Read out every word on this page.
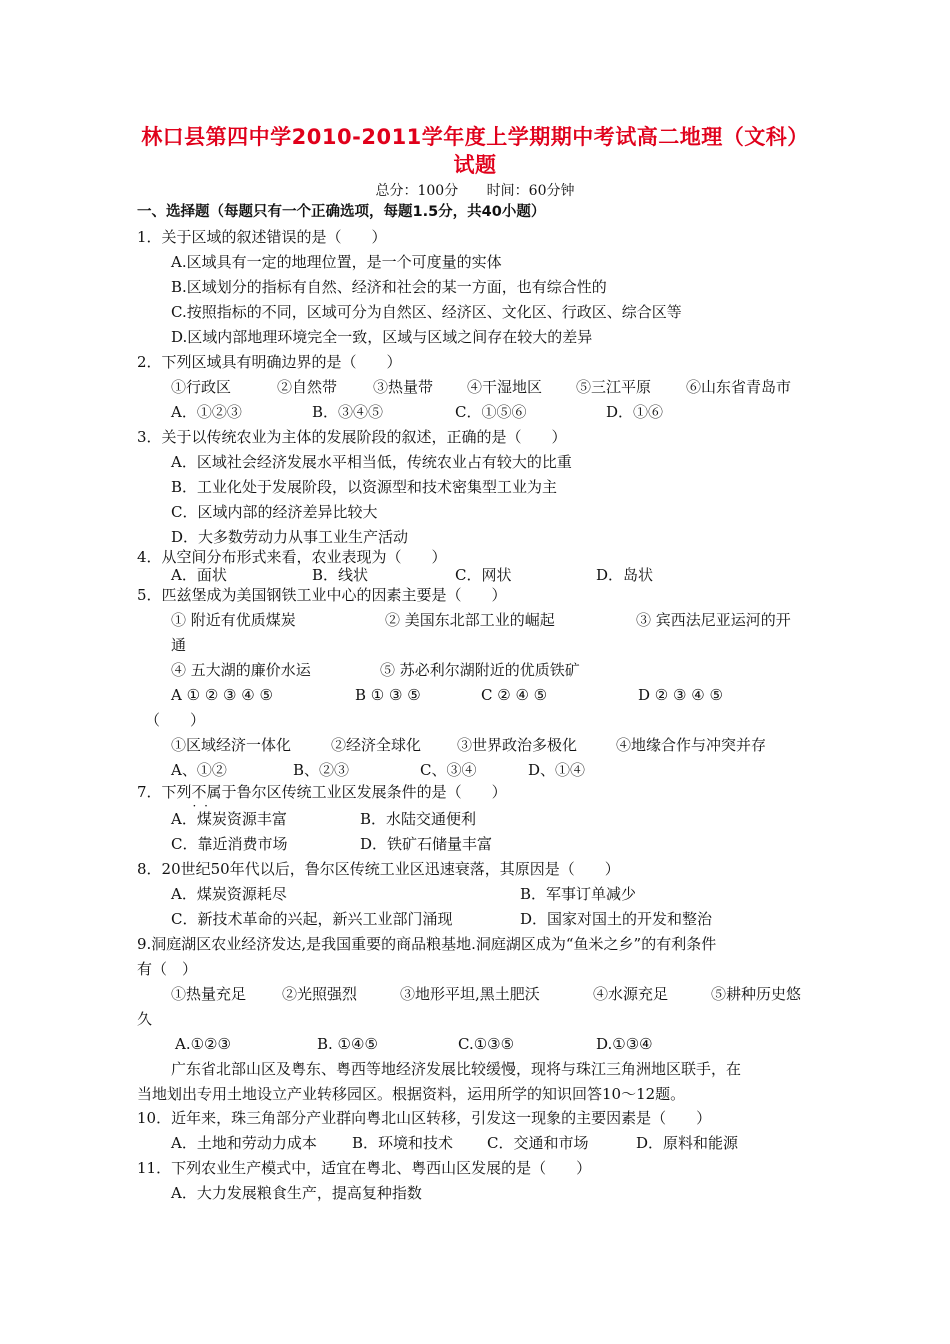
林口县第四中学2010-2011学年度上学期期中考试高二地理（文科）
试题
总分：100分 时间：60分钟
一、选择题（每题只有一个正确选项，每题1.5分，共40小题）
1．关于区域的叙述错误的是（　　）
A.区域具有一定的地理位置，是一个可度量的实体
B.区域划分的指标有自然、经济和社会的某一方面，也有综合性的
C.按照指标的不同，区域可分为自然区、经济区、文化区、行政区、综合区等
D.区域内部地理环境完全一致，区域与区域之间存在较大的差异
2．下列区域具有明确边界的是（　　）
①行政区	②自然带 ③热量带 ④干湿地区 ⑤三江平原 ⑥山东省青岛市
A．①②③	B．③④⑤	C．①⑤⑥	D．①⑥
3．关于以传统农业为主体的发展阶段的叙述，正确的是（　　）
A．区域社会经济发展水平相当低，传统农业占有较大的比重
B．工业化处于发展阶段，以资源型和技术密集型工业为主
C．区域内部的经济差异比较大
D．大多数劳动力从事工业生产活动
4．从空间分布形式来看，农业表现为（　　）
A．面状	B．线状	C．网状	D．岛状
5．匹兹堡成为美国钢铁工业中心的因素主要是（　　）
① 附近有优质煤炭	② 美国东北部工业的崛起	③ 宾西法尼亚运河的开
通
④ 五大湖的廉价水运	⑤ 苏必利尔湖附近的优质铁矿
A ① ② ③ ④ ⑤	B ① ③ ⑤	C ② ④ ⑤	D ② ③ ④ ⑤
（　　）
①区域经济一体化	②经济全球化 ③世界政治多极化	④地缘合作与冲突并存
A、①②	B、②③	C、③④	D、①④
7．下列不属于 · ·鲁尔区传统工业区发展条件的是（　　）
A．煤炭资源丰富	B．水陆交通便利
C．靠近消费市场	D．铁矿石储量丰富
8．20世纪50年代以后，鲁尔区传统工业区迅速衰落，其原因是（　　）
A．煤炭资源耗尽	B．军事订单减少
C．新技术革命的兴起，新兴工业部门涌现	D．国家对国土的开发和整治
9.洞庭湖区农业经济发达,是我国重要的商品粮基地.洞庭湖区成为“鱼米之乡”的有利条件
有（　）
①热量充足 ②光照强烈	③地形平坦,黑土肥沃	④水源充足	⑤耕种历史悠
久
A.①②③	B. ①④⑤	C.①③⑤	D.①③④
广东省北部山区及粤东、粤西等地经济发展比较缓慢，现将与珠江三角洲地区联手，在
当地划出专用土地设立产业转移园区。根据资料，运用所学的知识回答10～12题。
10．近年来，珠三角部分产业群向粤北山区转移，引发这一现象的主要因素是（　　）
A．土地和劳动力成本 B．环境和技术 C．交通和市场	D．原料和能源
11．下列农业生产模式中，适宜在粤北、粤西山区发展的是（　　）
A．大力发展粮食生产，提高复种指数
